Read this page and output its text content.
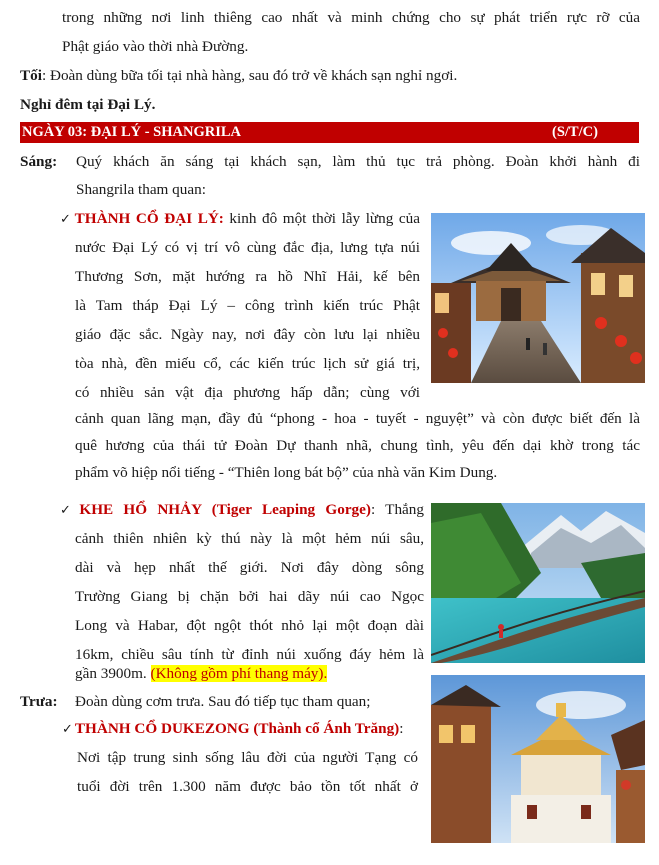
trong những nơi linh thiêng cao nhất và minh chứng cho sự phát triển rực rỡ của
Phật giáo vào thời nhà Đường.
Tối: Đoàn dùng bữa tối tại nhà hàng, sau đó trở về khách sạn nghỉ ngơi.
Nghỉ đêm tại Đại Lý.
NGÀY 03: ĐẠI LÝ - SHANGRILA	(S/T/C)
Sáng: Quý khách ăn sáng tại khách sạn, làm thủ tục trả phòng. Đoàn khởi hành đi
Shangrila tham quan:
✓ THÀNH CỔ ĐẠI LÝ: kinh đô một thời lẫy lừng của
nước Đại Lý có vị trí vô cùng đắc địa, lưng tựa núi
Thương Sơn, mặt hướng ra hồ Nhĩ Hải, kế bên
là Tam tháp Đại Lý – công trình kiến trúc Phật
giáo đặc sắc. Ngày nay, nơi đây còn lưu lại nhiều
tòa nhà, đền miếu cổ, các kiến trúc lịch sử giá trị,
có nhiều sản vật địa phương hấp dẫn; cùng với
cảnh quan lãng mạn, đầy đủ “phong - hoa - tuyết - nguyệt” và còn được biết đến là
quê hương của thái tử Đoàn Dự thanh nhã, chung tình, yêu đến dại khờ trong tác
phẩm võ hiệp nổi tiếng - “Thiên long bát bộ” của nhà văn Kim Dung.
✓ KHE HỔ NHẢY (Tiger Leaping Gorge): Thắng
cảnh thiên nhiên kỳ thú này là một hẻm núi sâu,
dài và hẹp nhất thế giới. Nơi đây dòng sông
Trường Giang bị chặn bởi hai dãy núi cao Ngọc
Long và Habar, đột ngột thót nhỏ lại một đoạn dài
16km, chiều sâu tính từ đỉnh núi xuống đáy hẻm là
gần 3900m. (Không gồm phí thang máy).
Trưa: Đoàn dùng cơm trưa. Sau đó tiếp tục tham quan;
✓ THÀNH CỔ DUKEZONG (Thành cổ Ánh Trăng):
Nơi tập trung sinh sống lâu đời của người Tạng có
tuổi đời trên 1.300 năm được bảo tồn tốt nhất ở
